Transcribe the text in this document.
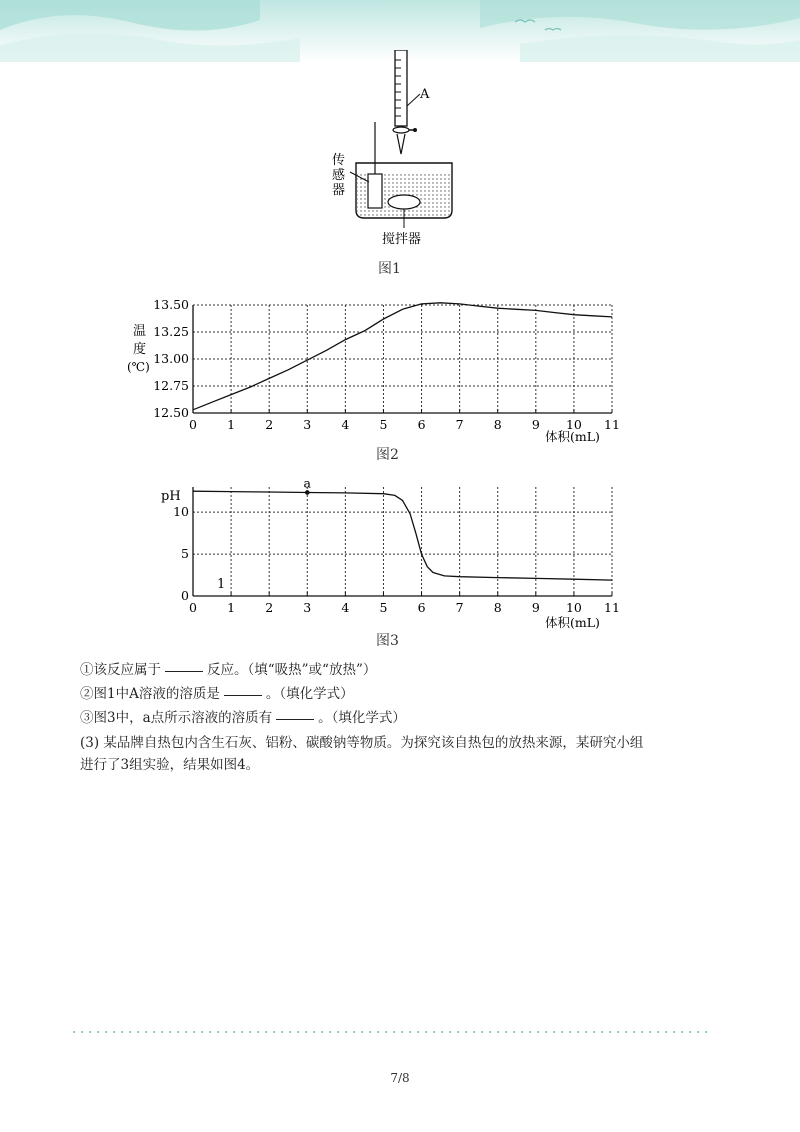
A
传
感
器
搅拌器
图1
温
度
(℃)
体积(mL)
0 1 2 3 4 5 6 7 8 9 10 11
12.50
12.75
13.00
13.25
13.50
图2
pH
体积(mL)
1
0 1 2 3 4 5 6 7 8 9 10 11
0
5
10
a
图3
①该反应属于	反应。（填“吸热”或“放热”）
②图1中A溶液的溶质是	。（填化学式）
③图3中，a点所示溶液的溶质有	。（填化学式）
(3) 某品牌自热包内含生石灰、铝粉、碳酸钠等物质。为探究该自热包的放热来源，某研究小组
进行了3组实验，结果如图4。
7/8
